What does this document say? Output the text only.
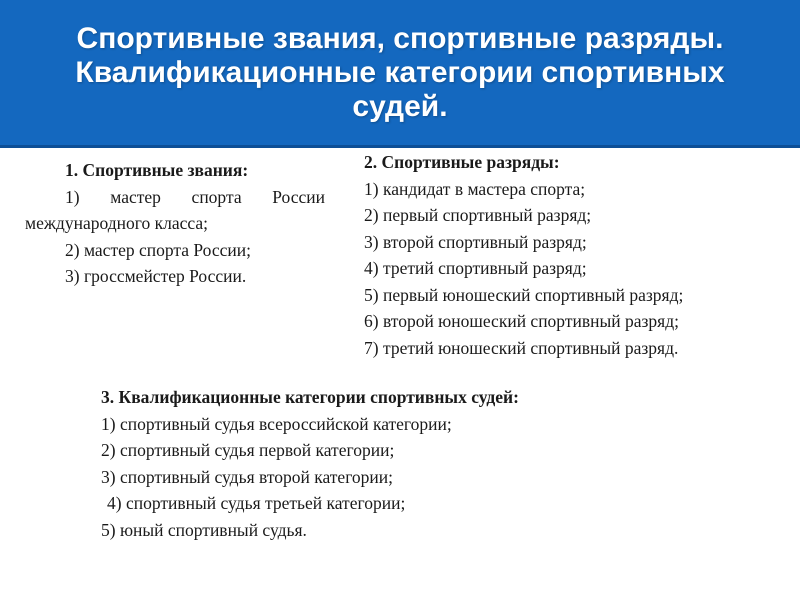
Спортивные звания, спортивные разряды.
Квалификационные категории спортивных
судей.
1. Спортивные звания:
1) мастер спорта России
международного класса;
2) мастер спорта России;
3) гроссмейстер России.
2. Спортивные разряды:
1) кандидат в мастера спорта;
2) первый спортивный разряд;
3) второй спортивный разряд;
4) третий спортивный разряд;
5) первый юношеский спортивный разряд;
6) второй юношеский спортивный разряд;
7) третий юношеский спортивный разряд.
3. Квалификационные категории спортивных судей:
1) спортивный судья всероссийской категории;
2) спортивный судья первой категории;
3) спортивный судья второй категории;
4) спортивный судья третьей категории;
5) юный спортивный судья.
